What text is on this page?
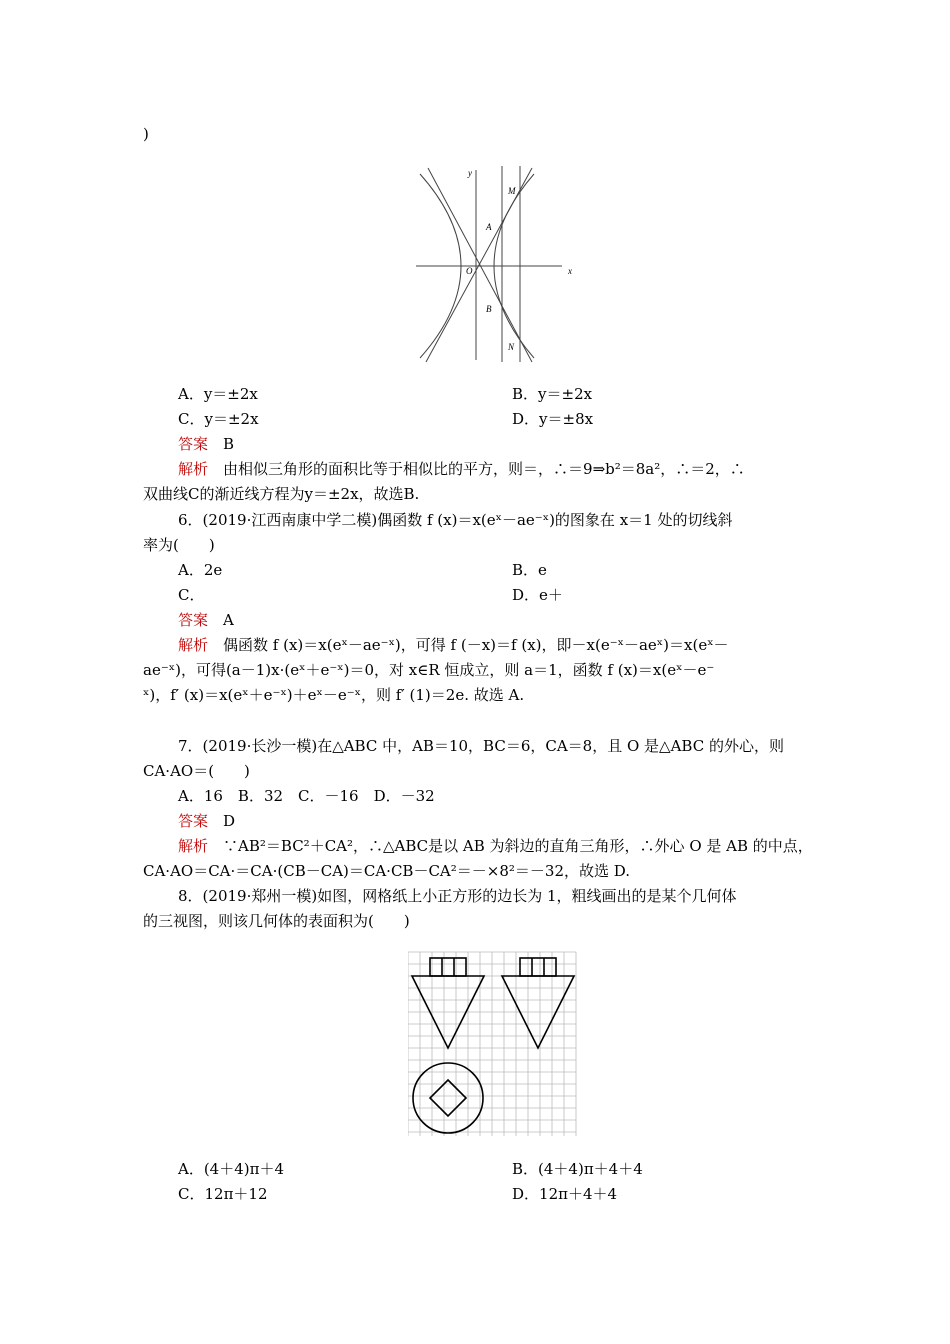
)
y
x
O
A
B
M
N
A．y＝±2x	B．y＝±2x
C．y＝±2x	D．y＝±8x
答案　 B
解析　 由相似三角形的面积比等于相似比的平方，则＝，∴＝9⇒b²＝8a²，∴＝2，∴
双曲线C的渐近线方程为y＝±2x，故选B.
6．(2019·江西南康中学二模)偶函数 f (x)＝x(eˣ－ae⁻ˣ)的图象在 x＝1 处的切线斜
率为(　　)
A．2e	B．e
C．	D．e＋
答案　 A
解析　 偶函数 f (x)＝x(eˣ－ae⁻ˣ)，可得 f (－x)＝f (x)，即－x(e⁻ˣ－aeˣ)＝x(eˣ－
ae⁻ˣ)，可得(a－1)x·(eˣ＋e⁻ˣ)＝0，对 x∈R 恒成立，则 a＝1，函数 f (x)＝x(eˣ－e⁻
ˣ)，f′ (x)＝x(eˣ＋e⁻ˣ)＋eˣ－e⁻ˣ，则 f′ (1)＝2e. 故选 A.
7．(2019·长沙一模)在△ABC 中，AB＝10，BC＝6，CA＝8，且 O 是△ABC 的外心，则
CA·AO＝(　　)
A．16　B．32　C．－16　D．－32
答案　 D
解析　 ∵AB²＝BC²＋CA²，∴△ABC是以 AB 为斜边的直角三角形，∴外心 O 是 AB 的中点，
CA·AO＝CA·＝CA·(CB－CA)＝CA·CB－CA²＝－×8²＝－32，故选 D.
8．(2019·郑州一模)如图，网格纸上小正方形的边长为 1，粗线画出的是某个几何体
的三视图，则该几何体的表面积为(　　)
A．(4＋4)π＋4	B．(4＋4)π＋4＋4
C．12π＋12	D．12π＋4＋4
